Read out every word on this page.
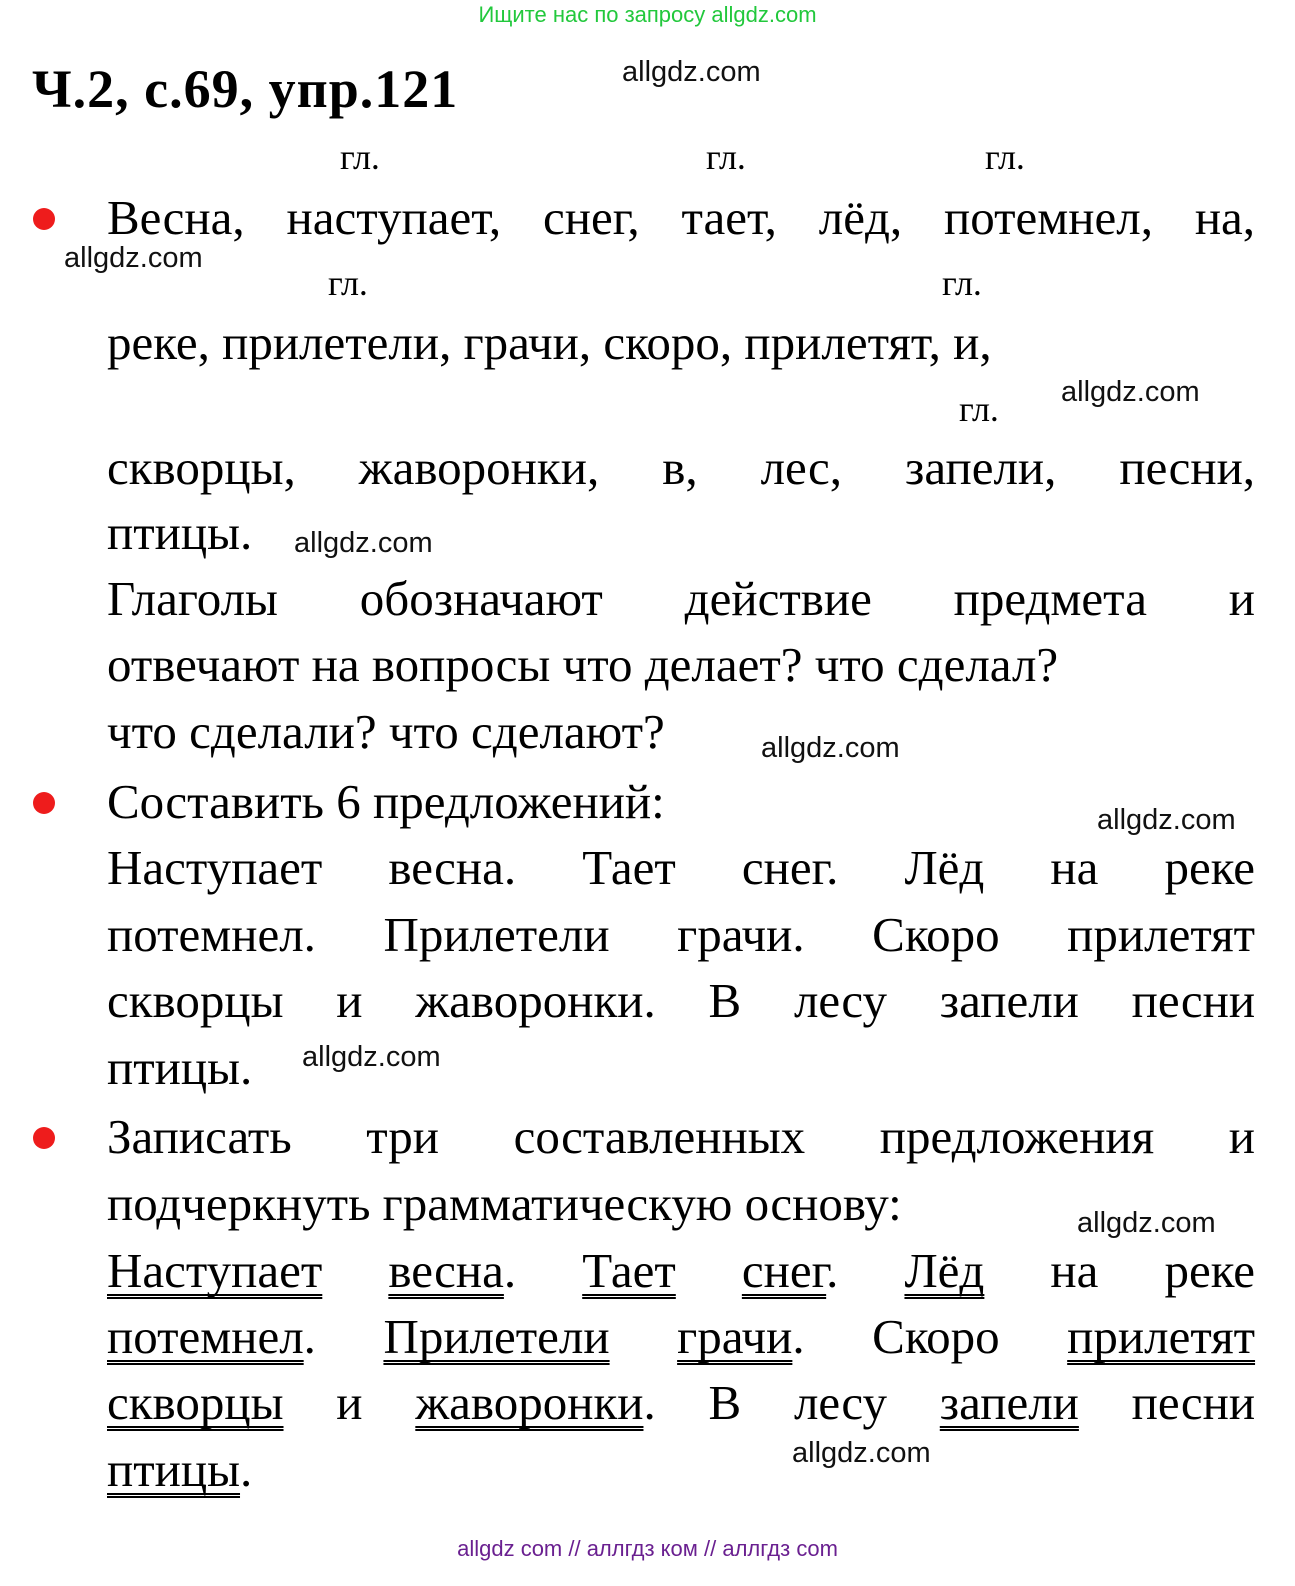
Ищите нас по запросу allgdz.com
Ч.2, с.69, упр.121	allgdz.com
allgdz.com
allgdz.com
allgdz.com
allgdz.com
allgdz.com
allgdz.com
allgdz.com
allgdz.com
гл.	гл.	гл.
гл.	гл.
гл.
Весна, наступает, снег, тает, лёд, потемнел, на,
реке, прилетели, грачи, скоро, прилетят, и,
скворцы, жаворонки, в, лес, запели, песни,
птицы.
Глаголы обозначают действие предмета и
отвечают на вопросы что делает? что сделал?
что сделали? что сделают?
Составить 6 предложений:
Наступает весна. Тает снег. Лёд на реке
потемнел. Прилетели грачи. Скоро прилетят
скворцы и жаворонки. В лесу запели песни
птицы.
Записать три составленных предложения и
подчеркнуть грамматическую основу:
Наступает весна. Тает снег. Лёд на реке
потемнел. Прилетели грачи. Скоро прилетят
скворцы и жаворонки. В лесу запели песни
птицы.
allgdz com // аллгдз ком // аллгдз com
